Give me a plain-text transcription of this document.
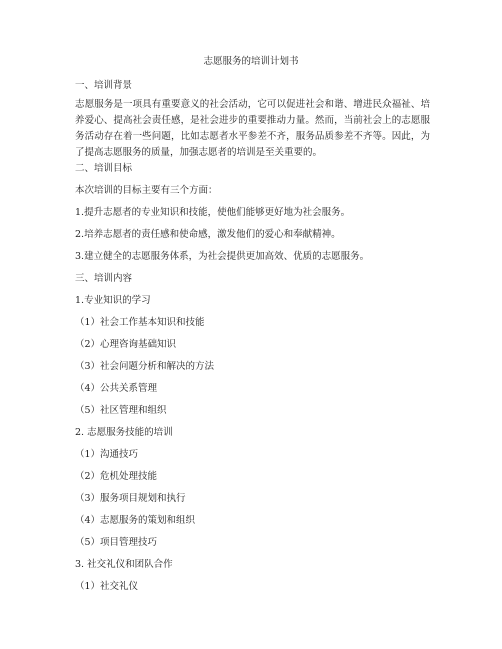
志愿服务的培训计划书
一、培训背景
志愿服务是一项具有重要意义的社会活动，它可以促进社会和谐、增进民众福祉、培养爱心、提高社会责任感，是社会进步的重要推动力量。然而，当前社会上的志愿服务活动存在着一些问题，比如志愿者水平参差不齐，服务品质参差不齐等。因此，为了提高志愿服务的质量，加强志愿者的培训是至关重要的。
二、培训目标
本次培训的目标主要有三个方面：
1.提升志愿者的专业知识和技能，使他们能够更好地为社会服务。
2.培养志愿者的责任感和使命感，激发他们的爱心和奉献精神。
3.建立健全的志愿服务体系，为社会提供更加高效、优质的志愿服务。
三、培训内容
1.专业知识的学习
（1）社会工作基本知识和技能
（2）心理咨询基础知识
（3）社会问题分析和解决的方法
（4）公共关系管理
（5）社区管理和组织
2. 志愿服务技能的培训
（1）沟通技巧
（2）危机处理技能
（3）服务项目规划和执行
（4）志愿服务的策划和组织
（5）项目管理技巧
3. 社交礼仪和团队合作
（1）社交礼仪
